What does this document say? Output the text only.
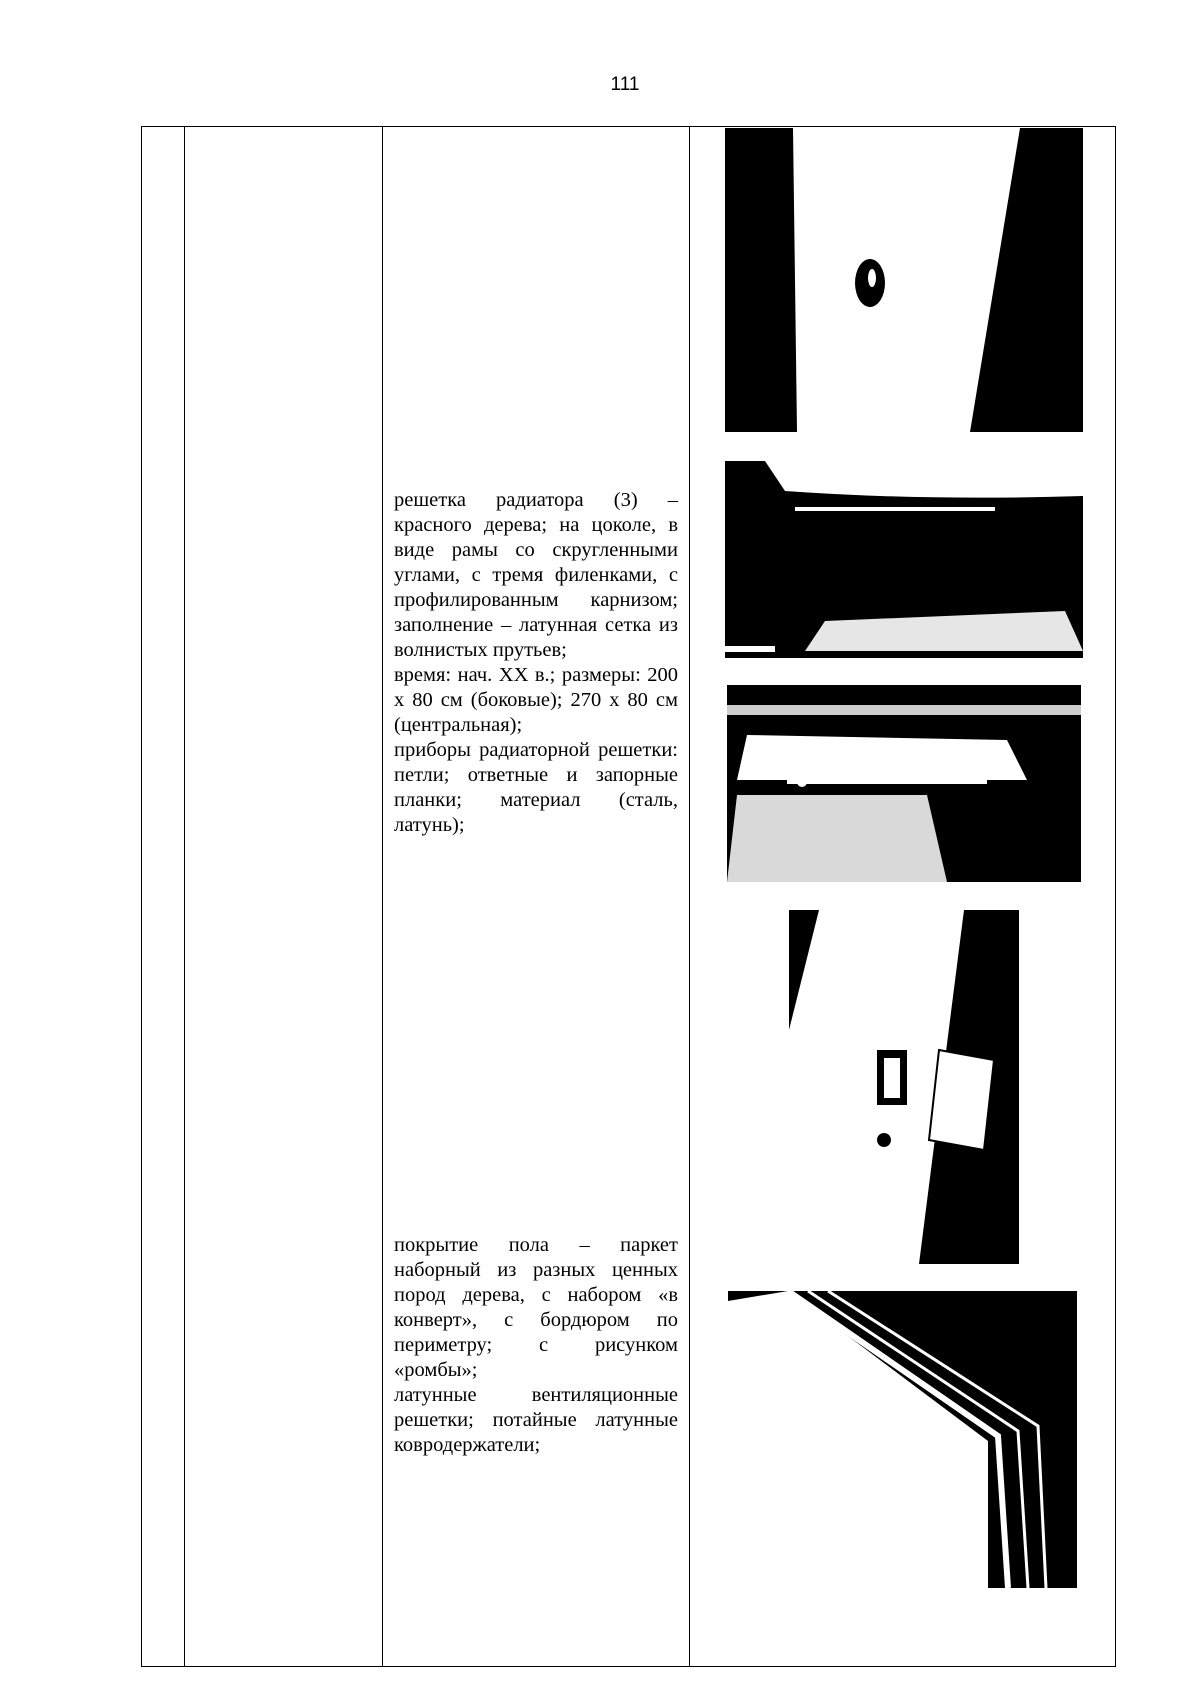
111

решетка радиатора (3) – красного дерева; на цоколе, в виде рамы со скругленными углами, с тремя филенками, с профилированным карнизом; заполнение – латунная сетка из волнистых прутьев;

время: нач. XX в.; размеры: 200 х 80 см (боковые); 270 х 80 см (центральная);

приборы радиаторной решетки: петли; ответные и запорные планки; материал (сталь, латунь);

покрытие пола – паркет наборный из разных ценных пород дерева, с набором «в конверт», с бордюром по периметру; с рисунком «ромбы»;

латунные вентиляционные решетки; потайные латунные ковродержатели;
